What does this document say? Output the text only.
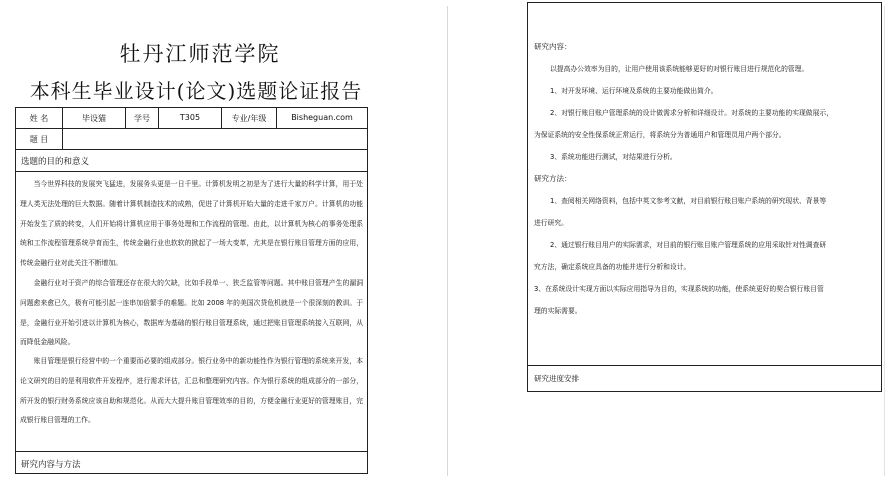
牡丹江师范学院
本科生毕业设计(论文)选题论证报告
姓 名	毕设猫	学号	T305	专业/年级	Bisheguan.com
题 目
选题的目的和意义
当今世界科技的发展突飞猛进，发展务头更是一日千里。计算机发明之初是为了进行大量的科学计算，用于处理人类无法处理的巨大数据。随着计算机制造技术的成熟，促进了计算机开始大量的走进千家万户。计算机的功能开始发生了质的转变，人们开始将计算机应用于事务处理和工作流程的管理。由此，以计算机为核心的事务处理系统和工作流程管理系统孕育而生，传统金融行业也软软的掀起了一场大变革，尤其是在银行账目管理方面的应用，传统金融行业对此关注不断增加。
金融行业对于资产的综合管理还存在很大的欠缺，比如手段单一、狭乏监管等问题。其中账目管理产生的漏洞问题愈来愈已久，极有可能引起一连串加倍繁手的难题。比如 2008 年的美国次贷危机就是一个很深刻的教训。于是，金融行业开始引进以计算机为核心，数据库为基础的银行账目管理系统，通过把账目管理系统接入互联网，从而降低金融风险。
账目管理是银行经营中的一个重要而必要的组成部分。银行业务中的新功能性作为银行管理的系统来开发，本论文研究的目的是利用软件开发程序，进行需求评估，汇总和整理研究内容。作为银行系统的组成部分的一部分，所开发的银行财务系统应该自助和规范化。从而大大提升账目管理效率的目的，方便金融行业更好的管理账目，完成银行账目管理的工作。
研究内容与方法
研究内容：
以提高办公效率为目的，让用户使用该系统能够更好的对银行账目进行规范化的管理。
1、对开发环境、运行环境及系统的主要功能做出简介。
2、对银行账目账户管理系统的设计做需求分析和详细设计。对系统的主要功能的实现做展示，
为保证系统的安全性保系统正常运行，将系统分为普通用户和管理员用户两个部分。
3、系统功能进行测试，对结果进行分析。
研究方法：
1、查阅相关网络资料，包括中英文参考文献，对目前银行账目账户系统的研究现状、背景等
进行研究。
2、通过银行账目用户的实际需求，对目前的银行账目账户管理系统的应用采取针对性调查研
究方法，确定系统应具备的功能并进行分析和设计。
3、在系统设计实现方面以实际应用指导为目的，实现系统的功能，使系统更好的契合银行账目管
理的实际需要。
研究进度安排
